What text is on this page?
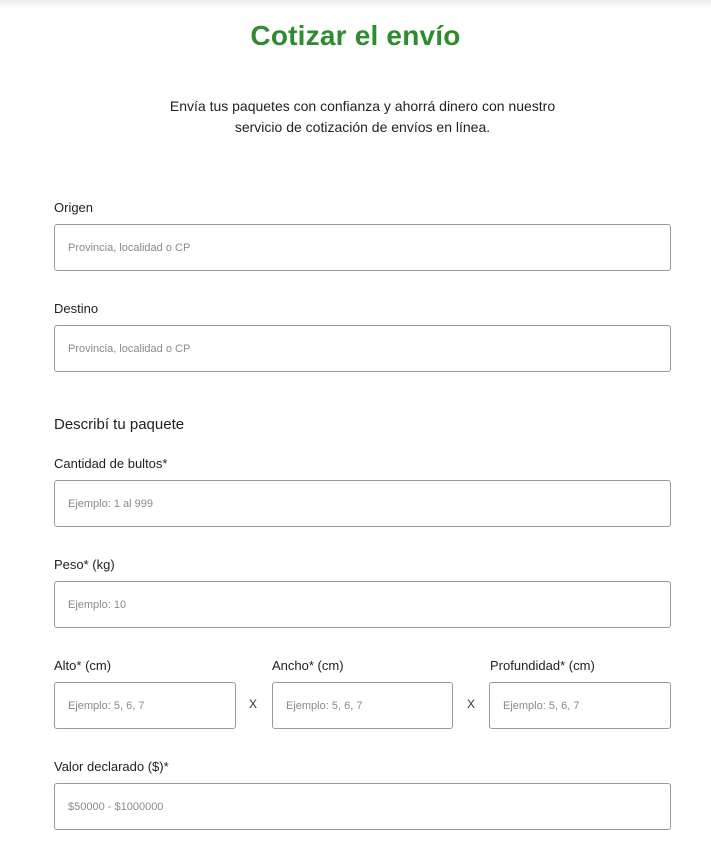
Cotizar el envío

Envía tus paquetes con confianza y ahorrá dinero con nuestro servicio de cotización de envíos en línea.

Origen
Provincia, localidad o CP
Destino
Provincia, localidad o CP
Describí tu paquete
Cantidad de bultos*
Ejemplo: 1 al 999
Peso* (kg)
Ejemplo: 10
Alto* (cm)
Ejemplo: 5, 6, 7
X
Ancho* (cm)
Ejemplo: 5, 6, 7
X
Profundidad* (cm)
Ejemplo: 5, 6, 7
Valor declarado ($)*
$50000 - $1000000
